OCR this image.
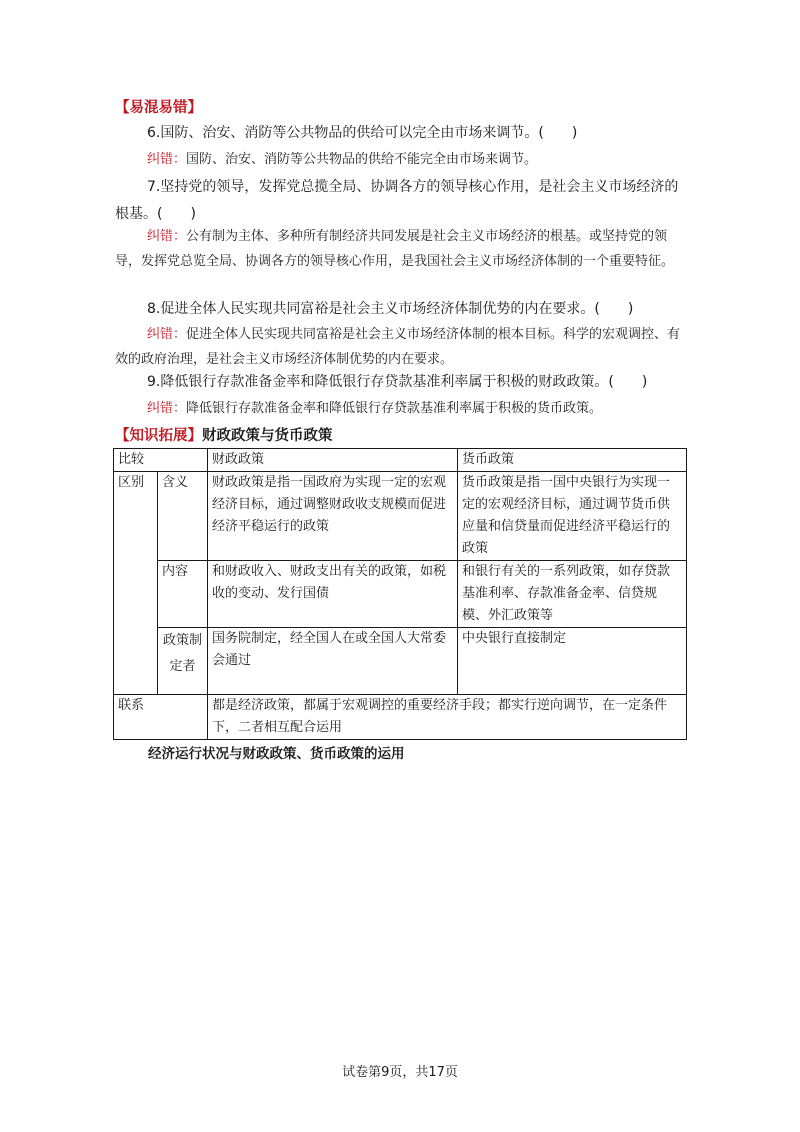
【易混易错】
6.国防、治安、消防等公共物品的供给可以完全由市场来调节。(　　)
纠错：国防、治安、消防等公共物品的供给不能完全由市场来调节。
7.坚持党的领导，发挥党总揽全局、协调各方的领导核心作用，是社会主义市场经济的根基。(　　)
纠错：公有制为主体、多种所有制经济共同发展是社会主义市场经济的根基。或坚持党的领导，发挥党总览全局、协调各方的领导核心作用，是我国社会主义市场经济体制的一个重要特征。
8.促进全体人民实现共同富裕是社会主义市场经济体制优势的内在要求。(　　)
纠错：促进全体人民实现共同富裕是社会主义市场经济体制的根本目标。科学的宏观调控、有效的政府治理，是社会主义市场经济体制优势的内在要求。
9.降低银行存款准备金率和降低银行存贷款基准利率属于积极的财政政策。(　　)
纠错：降低银行存款准备金率和降低银行存贷款基准利率属于积极的货币政策。
【知识拓展】财政政策与货币政策
比较		财政政策	货币政策
区别	含义	财政政策是指一国政府为实现一定的宏观经济目标，通过调整财政收支规模而促进经济平稳运行的政策	货币政策是指一国中央银行为实现一定的宏观经济目标，通过调节货币供应量和信贷量而促进经济平稳运行的政策
	内容	和财政收入、财政支出有关的政策，如税收的变动、发行国债	和银行有关的一系列政策，如存贷款基准利率、存款准备金率、信贷规模、外汇政策等
	政策制定者	国务院制定，经全国人在或全国人大常委会通过	中央银行直接制定
联系		都是经济政策，都属于宏观调控的重要经济手段；都实行逆向调节，在一定条件下，二者相互配合运用	
经济运行状况与财政政策、货币政策的运用
试卷第9页，共17页
